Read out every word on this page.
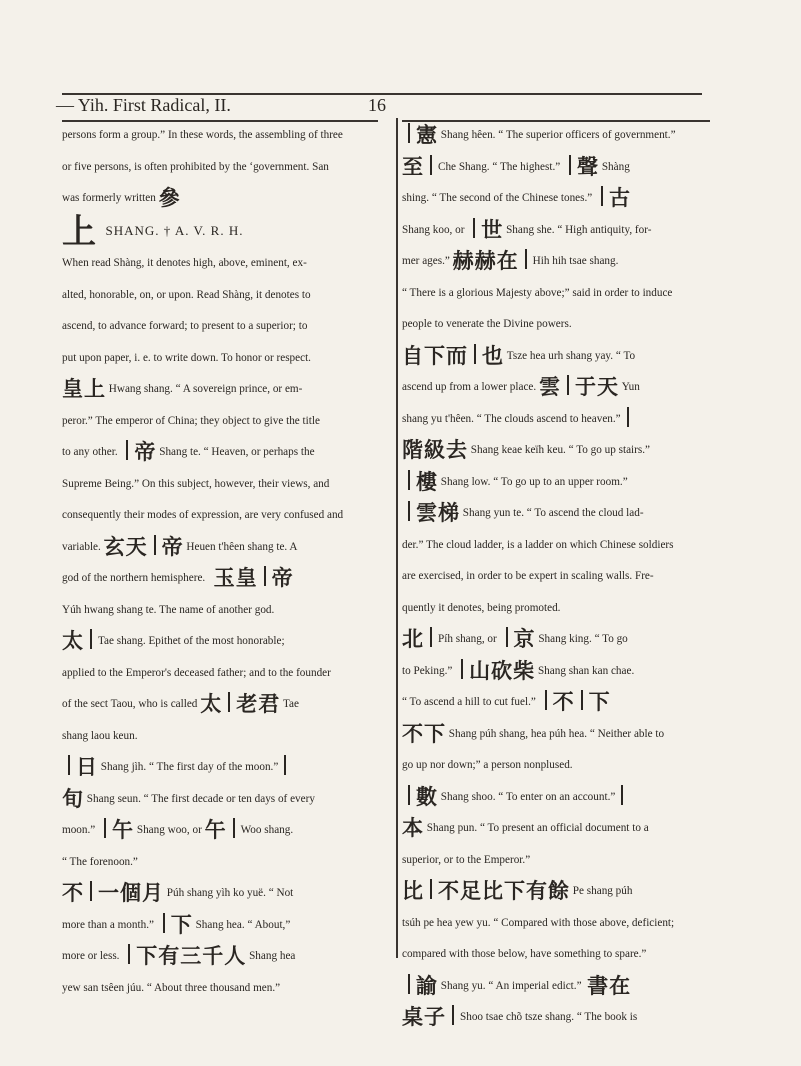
— Yih. First Radical, II.	16

persons form a group.” In these words, the assembling of three

or five persons, is often prohibited by the ‘government. San

was formerly written 參

上 SHANG. † A. V. R. H.

When read Shàng, it denotes high, above, eminent, ex-

alted, honorable, on, or upon. Read Shàng, it denotes to

ascend, to advance forward; to present to a superior; to

put upon paper, i. e. to write down. To honor or respect.

皇上 Hwang shang. “ A sovereign prince, or em-

peror.” The emperor of China; they object to give the title

to any other. 帝 Shang te. “ Heaven, or perhaps the

Supreme Being.” On this subject, however, their views, and

consequently their modes of expression, are very confused and

variable. 玄天 帝 Heuen t'hêen shang te. A

god of the northern hemisphere. 玉皇 帝

Yúh hwang shang te. The name of another god.

太 Tae shang. Epithet of the most honorable;

applied to the Emperor's deceased father; and to the founder

of the sect Taou, who is called 太 老君 Tae

shang laou keun.

日 Shang jìh. “ The first day of the moon.”

旬 Shang seun. “ The first decade or ten days of every

moon.” 午 Shang woo, or 午 Woo shang.

“ The forenoon.”

不 一個月 Púh shang yìh ko yuë. “ Not

more than a month.” 下 Shang hea. “ About,”

more or less. 下有三千人 Shang hea

yew san tsêen júu. “ About three thousand men.”

憲 Shang hêen. “ The superior officers of government.”

至 Che Shang. “ The highest.” 聲 Shàng

shing. “ The second of the Chinese tones.” 古

Shang koo, or 世 Shang she. “ High antiquity, for-

mer ages.” 赫赫在 Hih hih tsae shang.

“ There is a glorious Majesty above;” said in order to induce

people to venerate the Divine powers.

自下而 也 Tsze hea urh shang yay. “ To

ascend up from a lower place. 雲 于天 Yun

shang yu t'hêen. “ The clouds ascend to heaven.”

階級去 Shang keae keïh keu. “ To go up stairs.”

樓 Shang low. “ To go up to an upper room.”

雲梯 Shang yun te. “ To ascend the cloud lad-

der.” The cloud ladder, is a ladder on which Chinese soldiers

are exercised, in order to be expert in scaling walls. Fre-

quently it denotes, being promoted.

北 Píh shang, or 京 Shang king. “ To go

to Peking.” 山砍柴 Shang shan kan chae.

“ To ascend a hill to cut fuel.” 不 下

不下 Shang púh shang, hea púh hea. “ Neither able to

go up nor down;” a person nonplused.

數 Shang shoo. “ To enter on an account.”

本 Shang pun. “ To present an official document to a

superior, or to the Emperor.”

比 不足比下有餘 Pe shang púh

tsúh pe hea yew yu. “ Compared with those above, deficient;

compared with those below, have something to spare.”

諭 Shang yu. “ An imperial edict.” 書在

桌子 Shoo tsae chõ tsze shang. “ The book is
